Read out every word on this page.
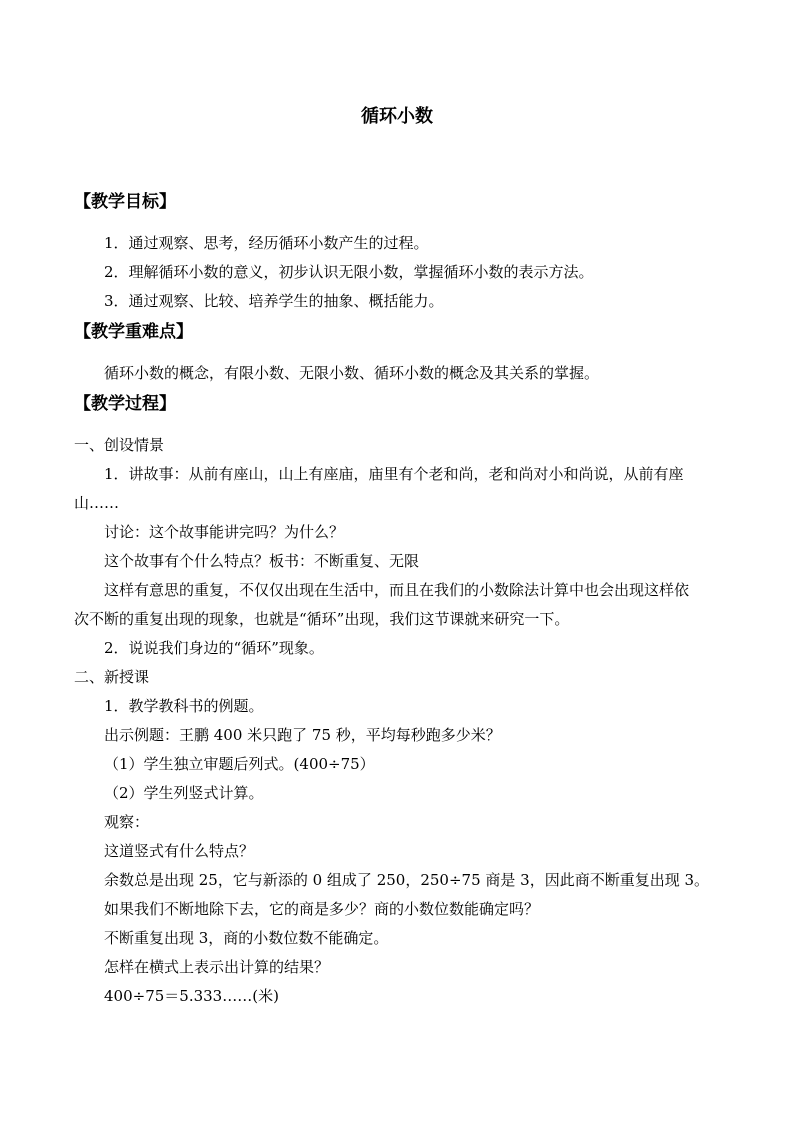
循环小数
【教学目标】
1．通过观察、思考，经历循环小数产生的过程。
2．理解循环小数的意义，初步认识无限小数，掌握循环小数的表示方法。
3．通过观察、比较、培养学生的抽象、概括能力。
【教学重难点】
循环小数的概念，有限小数、无限小数、循环小数的概念及其关系的掌握。
【教学过程】
一、创设情景
1．讲故事：从前有座山，山上有座庙，庙里有个老和尚，老和尚对小和尚说，从前有座
山……
讨论：这个故事能讲完吗？为什么？
这个故事有个什么特点？板书：不断重复、无限
这样有意思的重复，不仅仅出现在生活中，而且在我们的小数除法计算中也会出现这样依
次不断的重复出现的现象，也就是“循环”出现，我们这节课就来研究一下。
2．说说我们身边的“循环”现象。
二、新授课
1．教学教科书的例题。
出示例题：王鹏 400 米只跑了 75 秒，平均每秒跑多少米？
（1）学生独立审题后列式。(400÷75）
（2）学生列竖式计算。
观察：
这道竖式有什么特点？
余数总是出现 25，它与新添的 0 组成了 250，250÷75 商是 3，因此商不断重复出现 3。
如果我们不断地除下去，它的商是多少？商的小数位数能确定吗？
不断重复出现 3，商的小数位数不能确定。
怎样在横式上表示出计算的结果？
400÷75＝5.333……(米)
